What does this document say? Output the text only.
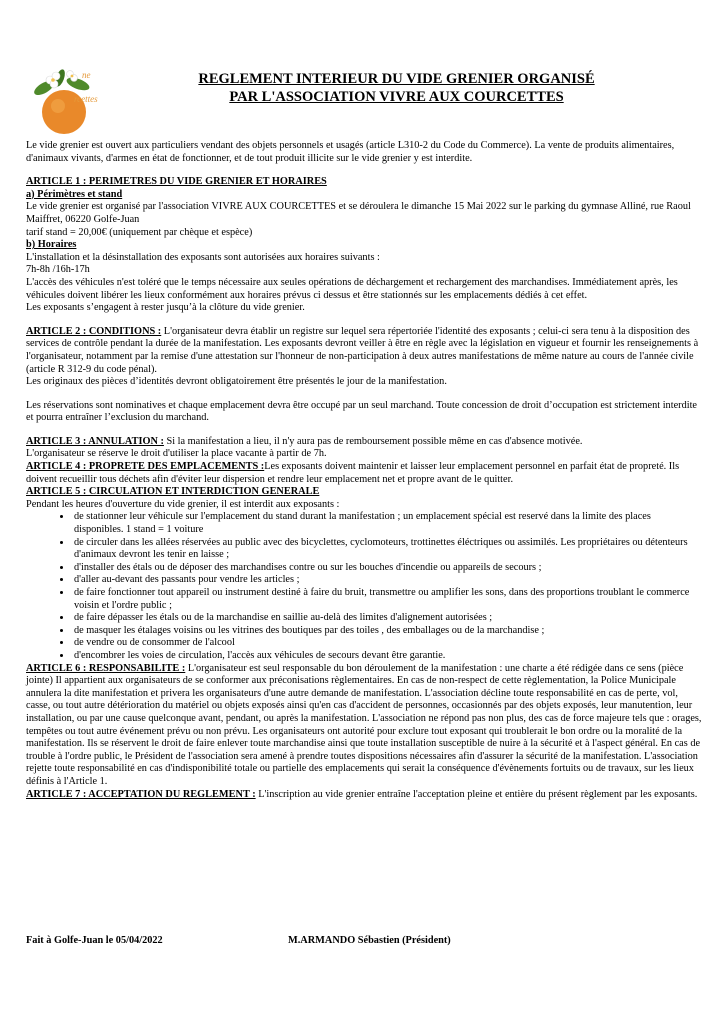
ne
rcettes
REGLEMENT INTERIEUR DU VIDE GRENIER ORGANISÉ
PAR L'ASSOCIATION VIVRE AUX COURCETTES

Le vide grenier est ouvert aux particuliers vendant des objets personnels et usagés (article L310-2 du Code du Commerce). La vente de produits alimentaires, d'animaux vivants, d'armes en état de fonctionner, et de tout produit illicite sur le vide grenier y est interdite.

ARTICLE 1 : PERIMETRES DU VIDE GRENIER ET HORAIRES

a) Périmètres et stand

Le vide grenier est organisé par l'association VIVRE AUX COURCETTES et se déroulera le dimanche 15 Mai 2022 sur le parking du gymnase Alliné, rue Raoul Maiffret, 06220 Golfe-Juan

tarif stand = 20,00€ (uniquement par chèque et espèce)

b) Horaires

L'installation et la désinstallation des exposants sont autorisées aux horaires suivants :

7h-8h /16h-17h

L'accès des véhicules n'est toléré que le temps nécessaire aux seules opérations de déchargement et rechargement des marchandises. Immédiatement après, les véhicules doivent libérer les lieux conformément aux horaires prévus ci dessus et être stationnés sur les emplacements dédiés à cet effet.

Les exposants s’engagent à rester jusqu’à la clôture du vide grenier.

ARTICLE 2 : CONDITIONS : L'organisateur devra établir un registre sur lequel sera répertoriée l'identité des exposants ; celui-ci sera tenu à la disposition des services de contrôle pendant la durée de la manifestation. Les exposants devront veiller à être en règle avec la législation en vigueur et fournir les renseignements à l'organisateur, notamment par la remise d'une attestation sur l'honneur de non-participation à deux autres manifestations de même nature au cours de l'année civile (article R 312-9 du code pénal).

Les originaux des pièces d’identités devront obligatoirement être présentés le jour de la manifestation.

Les réservations sont nominatives et chaque emplacement devra être occupé par un seul marchand. Toute concession de droit d’occupation est strictement interdite et pourra entraîner l’exclusion du marchand.

ARTICLE 3 : ANNULATION : Si la manifestation a lieu, il n'y aura pas de remboursement possible même en cas d'absence motivée.

L'organisateur se réserve le droit d'utiliser la place vacante à partir de 7h.

ARTICLE 4 : PROPRETE DES EMPLACEMENTS :Les exposants doivent maintenir et laisser leur emplacement personnel en parfait état de propreté. Ils doivent recueillir tous déchets afin d'éviter leur dispersion et rendre leur emplacement net et propre avant de le quitter.

ARTICLE 5 : CIRCULATION ET INTERDICTION GENERALE

Pendant les heures d'ouverture du vide grenier, il est interdit aux exposants :

• de stationner leur véhicule sur l'emplacement du stand durant la manifestation ; un emplacement spécial est reservé dans la limite des places disponibles. 1 stand = 1 voiture
• de circuler dans les allées réservées au public avec des bicyclettes, cyclomoteurs, trottinettes éléctriques ou assimilés. Les propriétaires ou détenteurs d'animaux devront les tenir en laisse ;
• d'installer des étals ou de déposer des marchandises contre ou sur les bouches d'incendie ou appareils de secours ;
• d'aller au-devant des passants pour vendre les articles ;
• de faire fonctionner tout appareil ou instrument destiné à faire du bruit, transmettre ou amplifier les sons, dans des proportions troublant le commerce voisin et l'ordre public ;
• de faire dépasser les étals ou de la marchandise en saillie au-delà des limites d'alignement autorisées ;
• de masquer les étalages voisins ou les vitrines des boutiques par des toiles , des emballages ou de la marchandise ;
• de vendre ou de consommer de l'alcool
• d'encombrer les voies de circulation, l'accès aux véhicules de secours devant être garantie.

ARTICLE 6 : RESPONSABILITE : L'organisateur est seul responsable du bon déroulement de la manifestation : une charte a été rédigée dans ce sens (pièce jointe) Il appartient aux organisateurs de se conformer aux préconisations règlementaires. En cas de non-respect de cette règlementation, la Police Municipale annulera la dite manifestation et privera les organisateurs d'une autre demande de manifestation. L'association décline toute responsabilité en cas de perte, vol, casse, ou tout autre détérioration du matériel ou objets exposés ainsi qu'en cas d'accident de personnes, occasionnés par des objets exposés, leur manutention, leur installation, ou par une cause quelconque avant, pendant, ou après la manifestation. L'association ne répond pas non plus, des cas de force majeure tels que : orages, tempêtes ou tout autre événement prévu ou non prévu. Les organisateurs ont autorité pour exclure tout exposant qui troublerait le bon ordre ou la moralité de la manifestation. Ils se réservent le droit de faire enlever toute marchandise ainsi que toute installation susceptible de nuire à la sécurité et à l'aspect général. En cas de trouble à l'ordre public, le Président de l'association sera amené à prendre toutes dispositions nécessaires afin d'assurer la sécurité de la manifestation. L'association rejette toute responsabilité en cas d'indisponibilité totale ou partielle des emplacements qui serait la conséquence d'évènements fortuits ou de travaux, sur les lieux définis à l'Article 1.

ARTICLE 7 : ACCEPTATION DU REGLEMENT : L'inscription au vide grenier entraîne l'acceptation pleine et entière du présent règlement par les exposants.

Fait à Golfe-Juan le 05/04/2022	M.ARMANDO Sébastien (Président)
